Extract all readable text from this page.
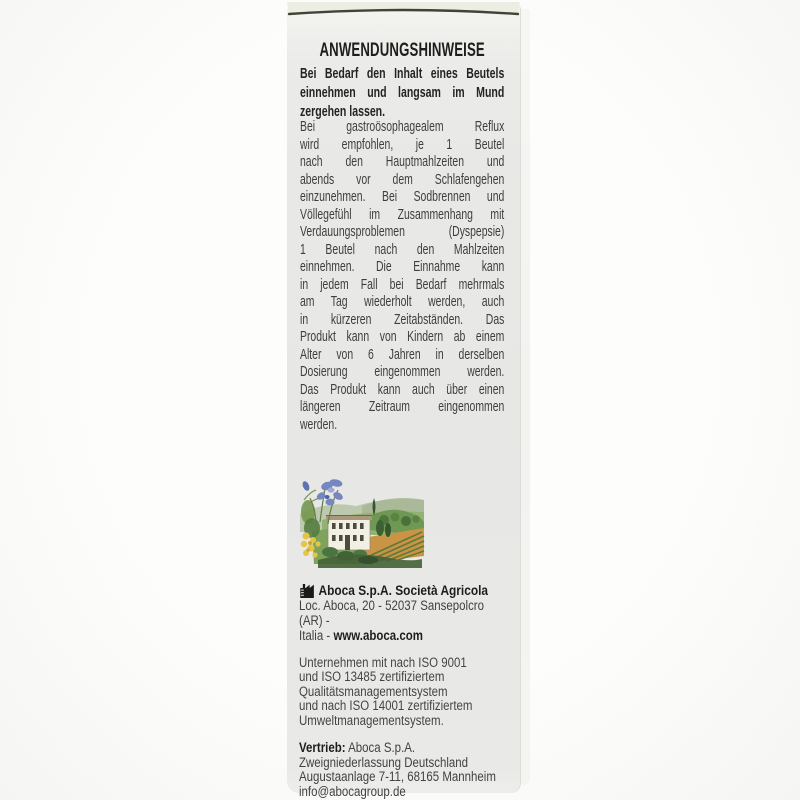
ANWENDUNGSHINWEISE
Bei Bedarf den Inhalt eines Beutels
einnehmen und langsam im Mund
zergehen lassen.
Bei gastroösophagealem Reflux
wird empfohlen, je 1 Beutel
nach den Hauptmahlzeiten und
abends vor dem Schlafengehen
einzunehmen. Bei Sodbrennen und
Völlegefühl im Zusammenhang mit
Verdauungsproblemen (Dyspepsie)
1 Beutel nach den Mahlzeiten
einnehmen. Die Einnahme kann
in jedem Fall bei Bedarf mehrmals
am Tag wiederholt werden, auch
in kürzeren Zeitabständen. Das
Produkt kann von Kindern ab einem
Alter von 6 Jahren in derselben
Dosierung eingenommen werden.
Das Produkt kann auch über einen
längeren Zeitraum eingenommen
werden.
Aboca S.p.A. Società Agricola
Loc. Aboca, 20 - 52037 Sansepolcro (AR) -
Italia - www.aboca.com
Unternehmen mit nach ISO 9001
und ISO 13485 zertifiziertem
Qualitätsmanagementsystem
und nach ISO 14001 zertifiziertem
Umweltmanagementsystem.
Vertrieb: Aboca S.p.A.
Zweigniederlassung Deutschland
Augustaanlage 7-11, 68165 Mannheim
info@abocagroup.de
